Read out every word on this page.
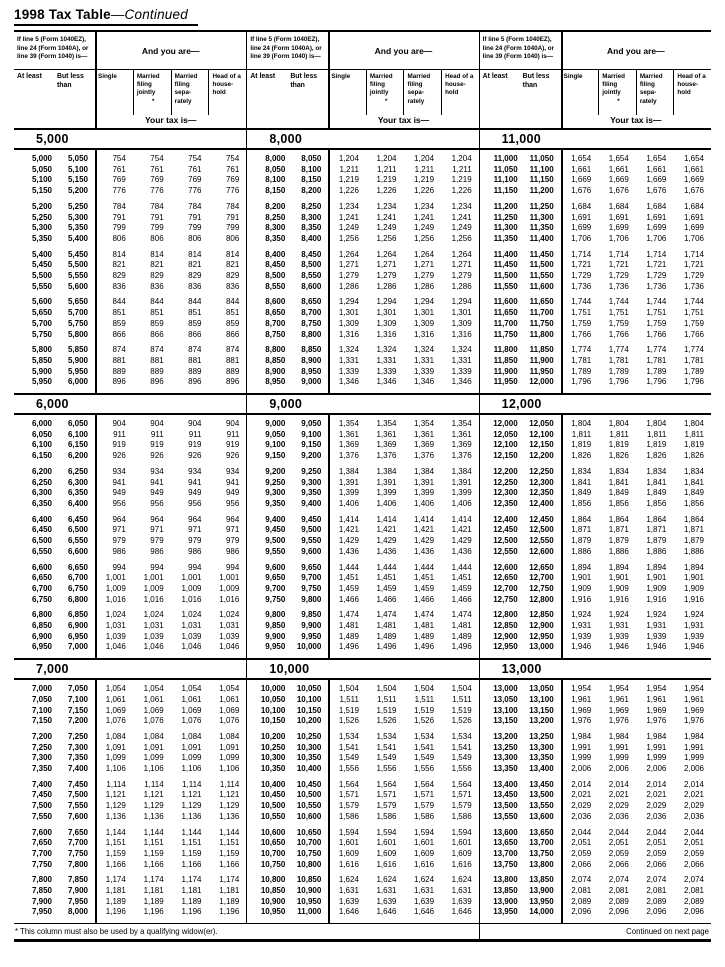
1998 Tax Table—Continued
If line 5 (Form 1040EZ), line 24 (Form 1040A), or line 39 (Form 1040) is—
And you are—
At least	But less than
Single	Married filing jointly
*
Married filing sepa-rately
Head of a house-hold
Your tax is—
5,000
5,000	5,050	754	754	754	754
5,050	5,100	761	761	761	761
5,100	5,150	769	769	769	769
5,150	5,200	776	776	776	776
5,200	5,250	784	784	784	784
5,250	5,300	791	791	791	791
5,300	5,350	799	799	799	799
5,350	5,400	806	806	806	806
5,400	5,450	814	814	814	814
5,450	5,500	821	821	821	821
5,500	5,550	829	829	829	829
5,550	5,600	836	836	836	836
5,600	5,650	844	844	844	844
5,650	5,700	851	851	851	851
5,700	5,750	859	859	859	859
5,750	5,800	866	866	866	866
5,800	5,850	874	874	874	874
5,850	5,900	881	881	881	881
5,900	5,950	889	889	889	889
5,950	6,000	896	896	896	896
6,000
6,000	6,050	904	904	904	904
6,050	6,100	911	911	911	911
6,100	6,150	919	919	919	919
6,150	6,200	926	926	926	926
6,200	6,250	934	934	934	934
6,250	6,300	941	941	941	941
6,300	6,350	949	949	949	949
6,350	6,400	956	956	956	956
6,400	6,450	964	964	964	964
6,450	6,500	971	971	971	971
6,500	6,550	979	979	979	979
6,550	6,600	986	986	986	986
6,600	6,650	994	994	994	994
6,650	6,700	1,001	1,001	1,001	1,001
6,700	6,750	1,009	1,009	1,009	1,009
6,750	6,800	1,016	1,016	1,016	1,016
6,800	6,850	1,024	1,024	1,024	1,024
6,850	6,900	1,031	1,031	1,031	1,031
6,900	6,950	1,039	1,039	1,039	1,039
6,950	7,000	1,046	1,046	1,046	1,046
7,000
7,000	7,050	1,054	1,054	1,054	1,054
7,050	7,100	1,061	1,061	1,061	1,061
7,100	7,150	1,069	1,069	1,069	1,069
7,150	7,200	1,076	1,076	1,076	1,076
7,200	7,250	1,084	1,084	1,084	1,084
7,250	7,300	1,091	1,091	1,091	1,091
7,300	7,350	1,099	1,099	1,099	1,099
7,350	7,400	1,106	1,106	1,106	1,106
7,400	7,450	1,114	1,114	1,114	1,114
7,450	7,500	1,121	1,121	1,121	1,121
7,500	7,550	1,129	1,129	1,129	1,129
7,550	7,600	1,136	1,136	1,136	1,136
7,600	7,650	1,144	1,144	1,144	1,144
7,650	7,700	1,151	1,151	1,151	1,151
7,700	7,750	1,159	1,159	1,159	1,159
7,750	7,800	1,166	1,166	1,166	1,166
7,800	7,850	1,174	1,174	1,174	1,174
7,850	7,900	1,181	1,181	1,181	1,181
7,900	7,950	1,189	1,189	1,189	1,189
7,950	8,000	1,196	1,196	1,196	1,196
If line 5 (Form 1040EZ), line 24 (Form 1040A), or line 39 (Form 1040) is—
And you are—
At least	But less than
Single	Married filing jointly
*
Married filing sepa-rately
Head of a house-hold
Your tax is—
8,000
8,000	8,050	1,204	1,204	1,204	1,204
8,050	8,100	1,211	1,211	1,211	1,211
8,100	8,150	1,219	1,219	1,219	1,219
8,150	8,200	1,226	1,226	1,226	1,226
8,200	8,250	1,234	1,234	1,234	1,234
8,250	8,300	1,241	1,241	1,241	1,241
8,300	8,350	1,249	1,249	1,249	1,249
8,350	8,400	1,256	1,256	1,256	1,256
8,400	8,450	1,264	1,264	1,264	1,264
8,450	8,500	1,271	1,271	1,271	1,271
8,500	8,550	1,279	1,279	1,279	1,279
8,550	8,600	1,286	1,286	1,286	1,286
8,600	8,650	1,294	1,294	1,294	1,294
8,650	8,700	1,301	1,301	1,301	1,301
8,700	8,750	1,309	1,309	1,309	1,309
8,750	8,800	1,316	1,316	1,316	1,316
8,800	8,850	1,324	1,324	1,324	1,324
8,850	8,900	1,331	1,331	1,331	1,331
8,900	8,950	1,339	1,339	1,339	1,339
8,950	9,000	1,346	1,346	1,346	1,346
9,000
9,000	9,050	1,354	1,354	1,354	1,354
9,050	9,100	1,361	1,361	1,361	1,361
9,100	9,150	1,369	1,369	1,369	1,369
9,150	9,200	1,376	1,376	1,376	1,376
9,200	9,250	1,384	1,384	1,384	1,384
9,250	9,300	1,391	1,391	1,391	1,391
9,300	9,350	1,399	1,399	1,399	1,399
9,350	9,400	1,406	1,406	1,406	1,406
9,400	9,450	1,414	1,414	1,414	1,414
9,450	9,500	1,421	1,421	1,421	1,421
9,500	9,550	1,429	1,429	1,429	1,429
9,550	9,600	1,436	1,436	1,436	1,436
9,600	9,650	1,444	1,444	1,444	1,444
9,650	9,700	1,451	1,451	1,451	1,451
9,700	9,750	1,459	1,459	1,459	1,459
9,750	9,800	1,466	1,466	1,466	1,466
9,800	9,850	1,474	1,474	1,474	1,474
9,850	9,900	1,481	1,481	1,481	1,481
9,900	9,950	1,489	1,489	1,489	1,489
9,950	10,000	1,496	1,496	1,496	1,496
10,000
10,000	10,050	1,504	1,504	1,504	1,504
10,050	10,100	1,511	1,511	1,511	1,511
10,100	10,150	1,519	1,519	1,519	1,519
10,150	10,200	1,526	1,526	1,526	1,526
10,200	10,250	1,534	1,534	1,534	1,534
10,250	10,300	1,541	1,541	1,541	1,541
10,300	10,350	1,549	1,549	1,549	1,549
10,350	10,400	1,556	1,556	1,556	1,556
10,400	10,450	1,564	1,564	1,564	1,564
10,450	10,500	1,571	1,571	1,571	1,571
10,500	10,550	1,579	1,579	1,579	1,579
10,550	10,600	1,586	1,586	1,586	1,586
10,600	10,650	1,594	1,594	1,594	1,594
10,650	10,700	1,601	1,601	1,601	1,601
10,700	10,750	1,609	1,609	1,609	1,609
10,750	10,800	1,616	1,616	1,616	1,616
10,800	10,850	1,624	1,624	1,624	1,624
10,850	10,900	1,631	1,631	1,631	1,631
10,900	10,950	1,639	1,639	1,639	1,639
10,950	11,000	1,646	1,646	1,646	1,646
If line 5 (Form 1040EZ), line 24 (Form 1040A), or line 39 (Form 1040) is—
And you are—
At least	But less than
Single	Married filing jointly
*
Married filing sepa-rately
Head of a house-hold
Your tax is—
11,000
11,000	11,050	1,654	1,654	1,654	1,654
11,050	11,100	1,661	1,661	1,661	1,661
11,100	11,150	1,669	1,669	1,669	1,669
11,150	11,200	1,676	1,676	1,676	1,676
11,200	11,250	1,684	1,684	1,684	1,684
11,250	11,300	1,691	1,691	1,691	1,691
11,300	11,350	1,699	1,699	1,699	1,699
11,350	11,400	1,706	1,706	1,706	1,706
11,400	11,450	1,714	1,714	1,714	1,714
11,450	11,500	1,721	1,721	1,721	1,721
11,500	11,550	1,729	1,729	1,729	1,729
11,550	11,600	1,736	1,736	1,736	1,736
11,600	11,650	1,744	1,744	1,744	1,744
11,650	11,700	1,751	1,751	1,751	1,751
11,700	11,750	1,759	1,759	1,759	1,759
11,750	11,800	1,766	1,766	1,766	1,766
11,800	11,850	1,774	1,774	1,774	1,774
11,850	11,900	1,781	1,781	1,781	1,781
11,900	11,950	1,789	1,789	1,789	1,789
11,950	12,000	1,796	1,796	1,796	1,796
12,000
12,000	12,050	1,804	1,804	1,804	1,804
12,050	12,100	1,811	1,811	1,811	1,811
12,100	12,150	1,819	1,819	1,819	1,819
12,150	12,200	1,826	1,826	1,826	1,826
12,200	12,250	1,834	1,834	1,834	1,834
12,250	12,300	1,841	1,841	1,841	1,841
12,300	12,350	1,849	1,849	1,849	1,849
12,350	12,400	1,856	1,856	1,856	1,856
12,400	12,450	1,864	1,864	1,864	1,864
12,450	12,500	1,871	1,871	1,871	1,871
12,500	12,550	1,879	1,879	1,879	1,879
12,550	12,600	1,886	1,886	1,886	1,886
12,600	12,650	1,894	1,894	1,894	1,894
12,650	12,700	1,901	1,901	1,901	1,901
12,700	12,750	1,909	1,909	1,909	1,909
12,750	12,800	1,916	1,916	1,916	1,916
12,800	12,850	1,924	1,924	1,924	1,924
12,850	12,900	1,931	1,931	1,931	1,931
12,900	12,950	1,939	1,939	1,939	1,939
12,950	13,000	1,946	1,946	1,946	1,946
13,000
13,000	13,050	1,954	1,954	1,954	1,954
13,050	13,100	1,961	1,961	1,961	1,961
13,100	13,150	1,969	1,969	1,969	1,969
13,150	13,200	1,976	1,976	1,976	1,976
13,200	13,250	1,984	1,984	1,984	1,984
13,250	13,300	1,991	1,991	1,991	1,991
13,300	13,350	1,999	1,999	1,999	1,999
13,350	13,400	2,006	2,006	2,006	2,006
13,400	13,450	2,014	2,014	2,014	2,014
13,450	13,500	2,021	2,021	2,021	2,021
13,500	13,550	2,029	2,029	2,029	2,029
13,550	13,600	2,036	2,036	2,036	2,036
13,600	13,650	2,044	2,044	2,044	2,044
13,650	13,700	2,051	2,051	2,051	2,051
13,700	13,750	2,059	2,059	2,059	2,059
13,750	13,800	2,066	2,066	2,066	2,066
13,800	13,850	2,074	2,074	2,074	2,074
13,850	13,900	2,081	2,081	2,081	2,081
13,900	13,950	2,089	2,089	2,089	2,089
13,950	14,000	2,096	2,096	2,096	2,096
* This column must also be used by a qualifying widow(er).	Continued on next page
